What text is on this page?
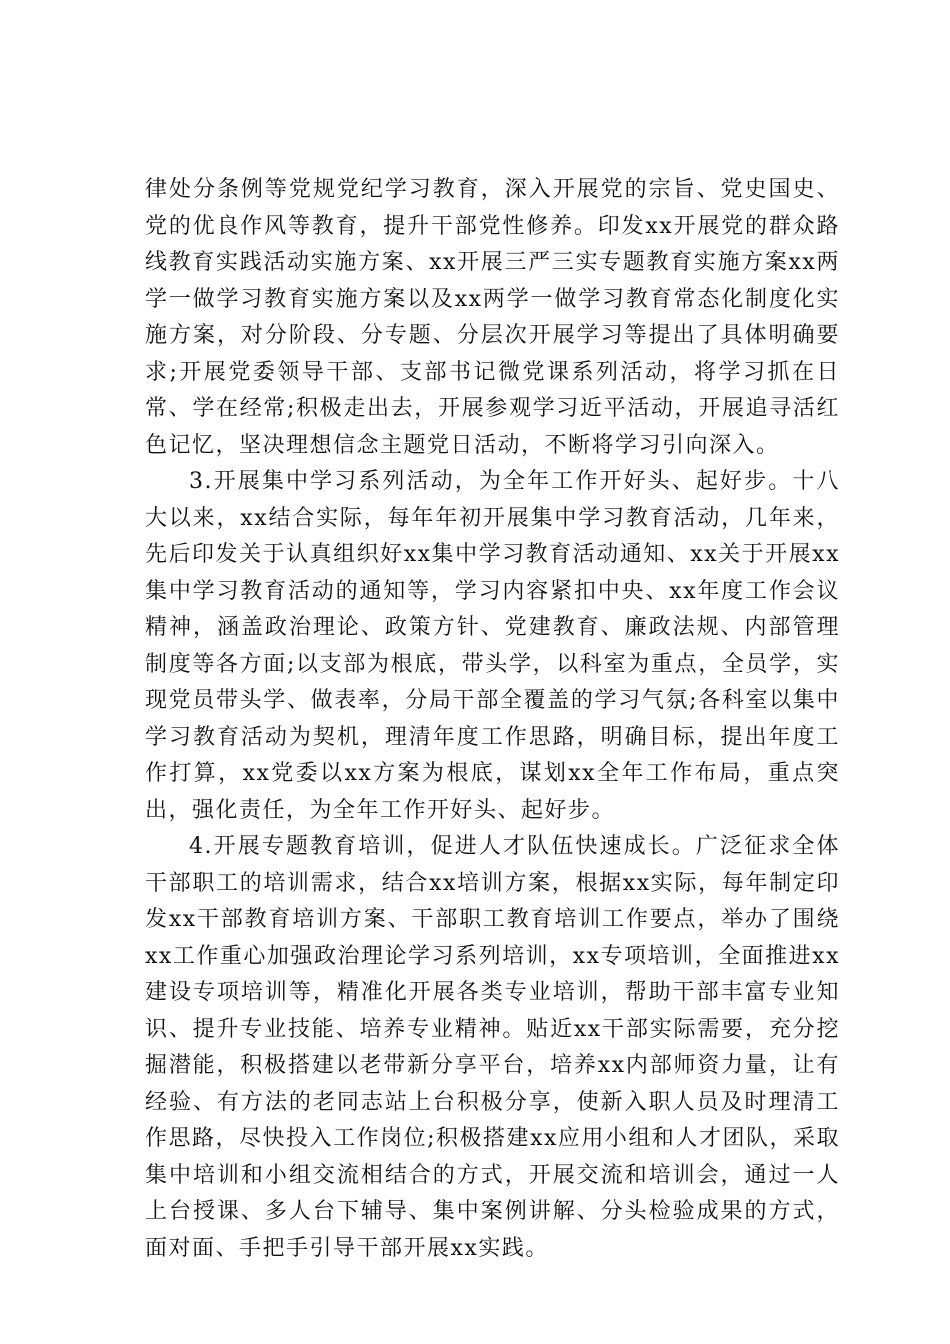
律处分条例等党规党纪学习教育，深入开展党的宗旨、党史国史、党的优良作风等教育，提升干部党性修养。印发xx开展党的群众路线教育实践活动实施方案、xx开展三严三实专题教育实施方案xx两学一做学习教育实施方案以及xx两学一做学习教育常态化制度化实施方案，对分阶段、分专题、分层次开展学习等提出了具体明确要求;开展党委领导干部、支部书记微党课系列活动，将学习抓在日常、学在经常;积极走出去，开展参观学习近平活动，开展追寻活红色记忆，坚决理想信念主题党日活动，不断将学习引向深入。

3.开展集中学习系列活动，为全年工作开好头、起好步。十八大以来，xx结合实际，每年年初开展集中学习教育活动，几年来，先后印发关于认真组织好xx集中学习教育活动通知、xx关于开展xx集中学习教育活动的通知等，学习内容紧扣中央、xx年度工作会议精神，涵盖政治理论、政策方针、党建教育、廉政法规、内部管理制度等各方面;以支部为根底，带头学，以科室为重点，全员学，实现党员带头学、做表率，分局干部全覆盖的学习气氛;各科室以集中学习教育活动为契机，理清年度工作思路，明确目标，提出年度工作打算，xx党委以xx方案为根底，谋划xx全年工作布局，重点突出，强化责任，为全年工作开好头、起好步。

4.开展专题教育培训，促进人才队伍快速成长。广泛征求全体干部职工的培训需求，结合xx培训方案，根据xx实际，每年制定印发xx干部教育培训方案、干部职工教育培训工作要点，举办了围绕xx工作重心加强政治理论学习系列培训，xx专项培训，全面推进xx建设专项培训等，精准化开展各类专业培训，帮助干部丰富专业知识、提升专业技能、培养专业精神。贴近xx干部实际需要，充分挖掘潜能，积极搭建以老带新分享平台，培养xx内部师资力量，让有经验、有方法的老同志站上台积极分享，使新入职人员及时理清工作思路，尽快投入工作岗位;积极搭建xx应用小组和人才团队，采取集中培训和小组交流相结合的方式，开展交流和培训会，通过一人上台授课、多人台下辅导、集中案例讲解、分头检验成果的方式，面对面、手把手引导干部开展xx实践。
